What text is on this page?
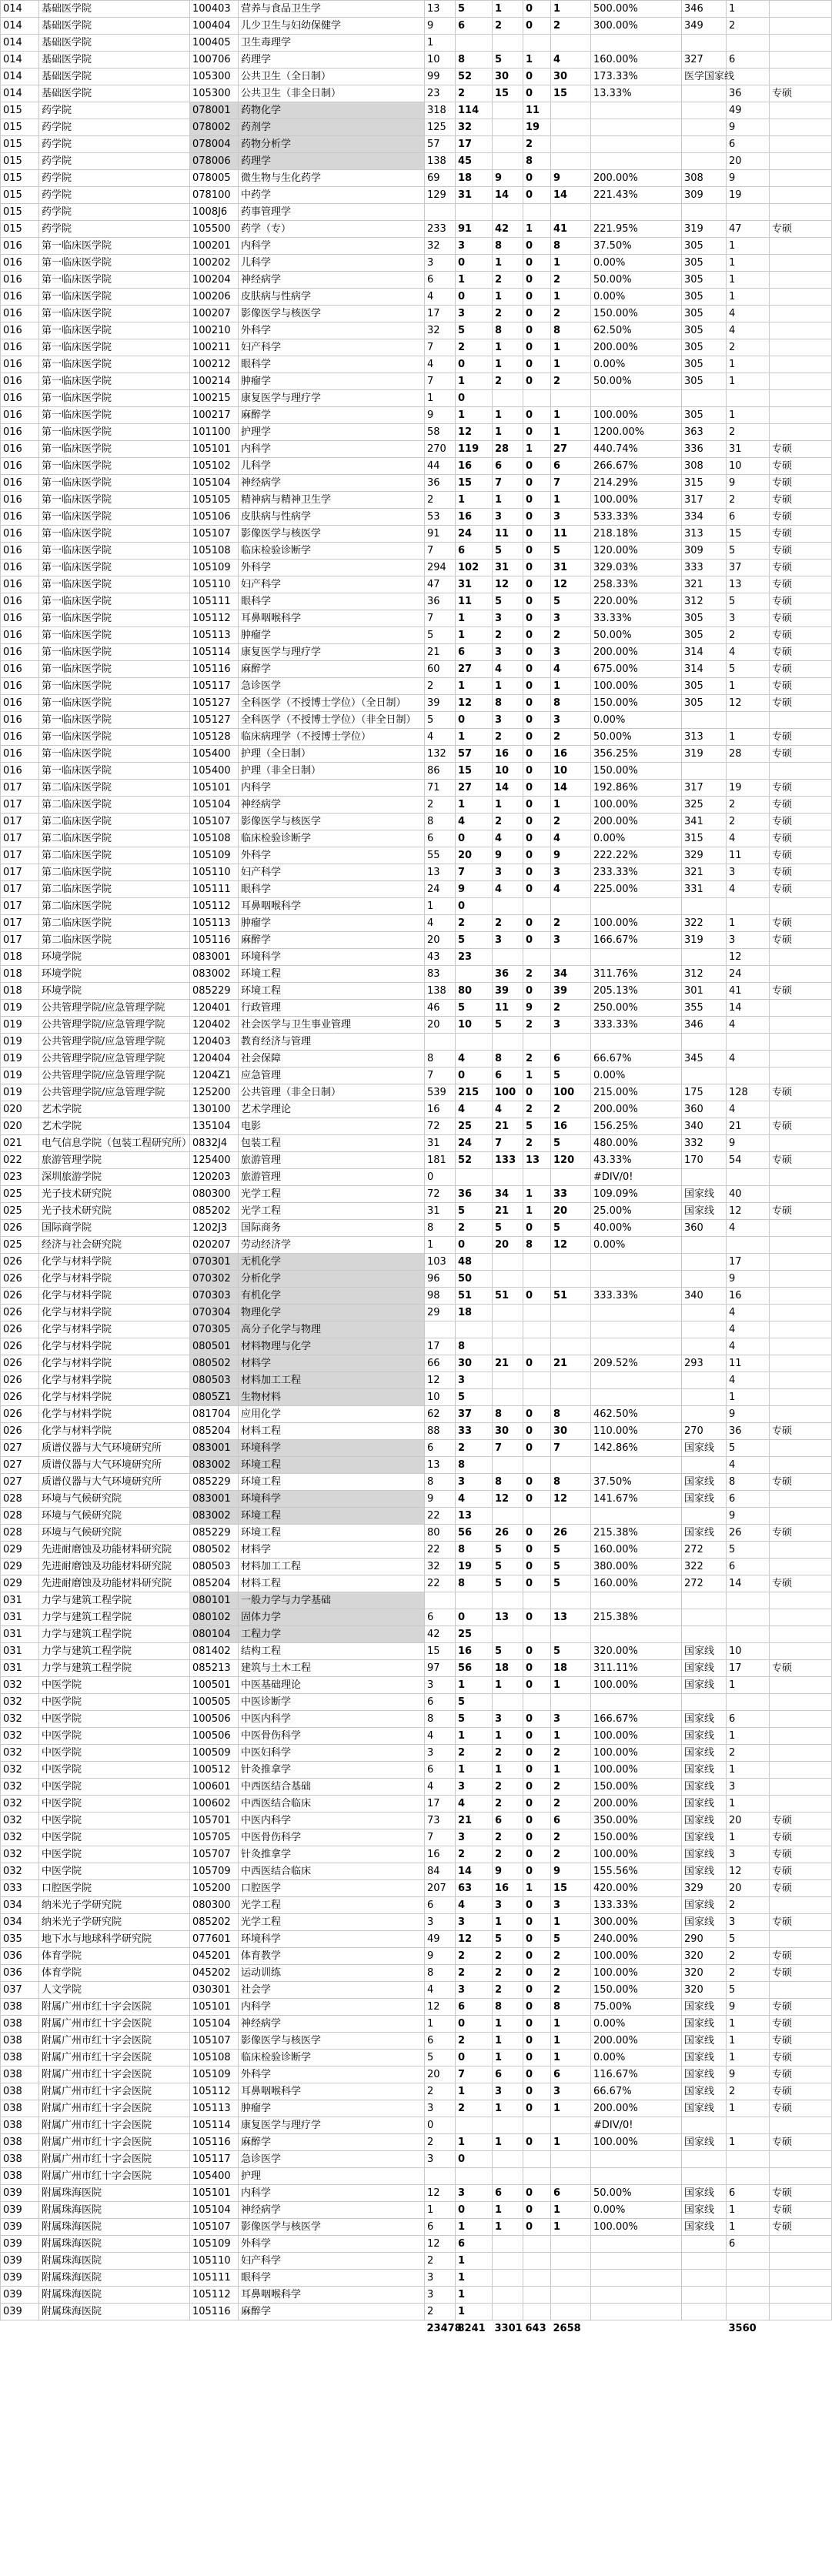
014	基础医学院	100403	营养与食品卫生学	13	5	1	0	1	500.00%	346	1	
014	基础医学院	100404	儿少卫生与妇幼保健学	9	6	2	0	2	300.00%	349	2	
014	基础医学院	100405	卫生毒理学	1								
014	基础医学院	100706	药理学	10	8	5	1	4	160.00%	327	6	
014	基础医学院	105300	公共卫生（全日制）	99	52	30	0	30	173.33%	医学国家线		
014	基础医学院	105300	公共卫生（非全日制）	23	2	15	0	15	13.33%		36	专硕
015	药学院	078001	药物化学	318	114		11				49	
015	药学院	078002	药剂学	125	32		19				9	
015	药学院	078004	药物分析学	57	17		2				6	
015	药学院	078006	药理学	138	45		8				20	
015	药学院	078005	微生物与生化药学	69	18	9	0	9	200.00%	308	9	
015	药学院	078100	中药学	129	31	14	0	14	221.43%	309	19	
015	药学院	1008J6	药事管理学									
015	药学院	105500	药学（专）	233	91	42	1	41	221.95%	319	47	专硕
016	第一临床医学院	100201	内科学	32	3	8	0	8	37.50%	305	1	
016	第一临床医学院	100202	儿科学	3	0	1	0	1	0.00%	305	1	
016	第一临床医学院	100204	神经病学	6	1	2	0	2	50.00%	305	1	
016	第一临床医学院	100206	皮肤病与性病学	4	0	1	0	1	0.00%	305	1	
016	第一临床医学院	100207	影像医学与核医学	17	3	2	0	2	150.00%	305	4	
016	第一临床医学院	100210	外科学	32	5	8	0	8	62.50%	305	4	
016	第一临床医学院	100211	妇产科学	7	2	1	0	1	200.00%	305	2	
016	第一临床医学院	100212	眼科学	4	0	1	0	1	0.00%	305	1	
016	第一临床医学院	100214	肿瘤学	7	1	2	0	2	50.00%	305	1	
016	第一临床医学院	100215	康复医学与理疗学	1	0							
016	第一临床医学院	100217	麻醉学	9	1	1	0	1	100.00%	305	1	
016	第一临床医学院	101100	护理学	58	12	1	0	1	1200.00%	363	2	
016	第一临床医学院	105101	内科学	270	119	28	1	27	440.74%	336	31	专硕
016	第一临床医学院	105102	儿科学	44	16	6	0	6	266.67%	308	10	专硕
016	第一临床医学院	105104	神经病学	36	15	7	0	7	214.29%	315	9	专硕
016	第一临床医学院	105105	精神病与精神卫生学	2	1	1	0	1	100.00%	317	2	专硕
016	第一临床医学院	105106	皮肤病与性病学	53	16	3	0	3	533.33%	334	6	专硕
016	第一临床医学院	105107	影像医学与核医学	91	24	11	0	11	218.18%	313	15	专硕
016	第一临床医学院	105108	临床检验诊断学	7	6	5	0	5	120.00%	309	5	专硕
016	第一临床医学院	105109	外科学	294	102	31	0	31	329.03%	333	37	专硕
016	第一临床医学院	105110	妇产科学	47	31	12	0	12	258.33%	321	13	专硕
016	第一临床医学院	105111	眼科学	36	11	5	0	5	220.00%	312	5	专硕
016	第一临床医学院	105112	耳鼻咽喉科学	7	1	3	0	3	33.33%	305	3	专硕
016	第一临床医学院	105113	肿瘤学	5	1	2	0	2	50.00%	305	2	专硕
016	第一临床医学院	105114	康复医学与理疗学	21	6	3	0	3	200.00%	314	4	专硕
016	第一临床医学院	105116	麻醉学	60	27	4	0	4	675.00%	314	5	专硕
016	第一临床医学院	105117	急诊医学	2	1	1	0	1	100.00%	305	1	专硕
016	第一临床医学院	105127	全科医学（不授博士学位）（全日制）	39	12	8	0	8	150.00%	305	12	专硕
016	第一临床医学院	105127	全科医学（不授博士学位）（非全日制）	5	0	3	0	3	0.00%			
016	第一临床医学院	105128	临床病理学（不授博士学位）	4	1	2	0	2	50.00%	313	1	专硕
016	第一临床医学院	105400	护理（全日制）	132	57	16	0	16	356.25%	319	28	专硕
016	第一临床医学院	105400	护理（非全日制）	86	15	10	0	10	150.00%			
017	第二临床医学院	105101	内科学	71	27	14	0	14	192.86%	317	19	专硕
017	第二临床医学院	105104	神经病学	2	1	1	0	1	100.00%	325	2	专硕
017	第二临床医学院	105107	影像医学与核医学	8	4	2	0	2	200.00%	341	2	专硕
017	第二临床医学院	105108	临床检验诊断学	6	0	4	0	4	0.00%	315	4	专硕
017	第二临床医学院	105109	外科学	55	20	9	0	9	222.22%	329	11	专硕
017	第二临床医学院	105110	妇产科学	13	7	3	0	3	233.33%	321	3	专硕
017	第二临床医学院	105111	眼科学	24	9	4	0	4	225.00%	331	4	专硕
017	第二临床医学院	105112	耳鼻咽喉科学	1	0							
017	第二临床医学院	105113	肿瘤学	4	2	2	0	2	100.00%	322	1	专硕
017	第二临床医学院	105116	麻醉学	20	5	3	0	3	166.67%	319	3	专硕
018	环境学院	083001	环境科学	43	23						12	
018	环境学院	083002	环境工程	83		36	2	34	311.76%	312	24	
018	环境学院	085229	环境工程	138	80	39	0	39	205.13%	301	41	专硕
019	公共管理学院/应急管理学院	120401	行政管理	46	5	11	9	2	250.00%	355	14	
019	公共管理学院/应急管理学院	120402	社会医学与卫生事业管理	20	10	5	2	3	333.33%	346	4	
019	公共管理学院/应急管理学院	120403	教育经济与管理									
019	公共管理学院/应急管理学院	120404	社会保障	8	4	8	2	6	66.67%	345	4	
019	公共管理学院/应急管理学院	1204Z1	应急管理	7	0	6	1	5	0.00%			
019	公共管理学院/应急管理学院	125200	公共管理（非全日制）	539	215	100	0	100	215.00%	175	128	专硕
020	艺术学院	130100	艺术学理论	16	4	4	2	2	200.00%	360	4	
020	艺术学院	135104	电影	72	25	21	5	16	156.25%	340	21	专硕
021	电气信息学院（包装工程研究所）	0832J4	包装工程	31	24	7	2	5	480.00%	332	9	
022	旅游管理学院	125400	旅游管理	181	52	133	13	120	43.33%	170	54	专硕
023	深圳旅游学院	120203	旅游管理	0					#DIV/0!			
025	光子技术研究院	080300	光学工程	72	36	34	1	33	109.09%	国家线	40	
025	光子技术研究院	085202	光学工程	31	5	21	1	20	25.00%	国家线	12	专硕
026	国际商学院	1202J3	国际商务	8	2	5	0	5	40.00%	360	4	
025	经济与社会研究院	020207	劳动经济学	1	0	20	8	12	0.00%			
026	化学与材料学院	070301	无机化学	103	48						17	
026	化学与材料学院	070302	分析化学	96	50						9	
026	化学与材料学院	070303	有机化学	98	51	51	0	51	333.33%	340	16	
026	化学与材料学院	070304	物理化学	29	18						4	
026	化学与材料学院	070305	高分子化学与物理								4	
026	化学与材料学院	080501	材料物理与化学	17	8						4	
026	化学与材料学院	080502	材料学	66	30	21	0	21	209.52%	293	11	
026	化学与材料学院	080503	材料加工工程	12	3						4	
026	化学与材料学院	0805Z1	生物材料	10	5						1	
026	化学与材料学院	081704	应用化学	62	37	8	0	8	462.50%		9	
026	化学与材料学院	085204	材料工程	88	33	30	0	30	110.00%	270	36	专硕
027	质谱仪器与大气环境研究所	083001	环境科学	6	2	7	0	7	142.86%	国家线	5	
027	质谱仪器与大气环境研究所	083002	环境工程	13	8						4	
027	质谱仪器与大气环境研究所	085229	环境工程	8	3	8	0	8	37.50%	国家线	8	专硕
028	环境与气候研究院	083001	环境科学	9	4	12	0	12	141.67%	国家线	6	
028	环境与气候研究院	083002	环境工程	22	13						9	
028	环境与气候研究院	085229	环境工程	80	56	26	0	26	215.38%	国家线	26	专硕
029	先进耐磨蚀及功能材料研究院	080502	材料学	22	8	5	0	5	160.00%	272	5	
029	先进耐磨蚀及功能材料研究院	080503	材料加工工程	32	19	5	0	5	380.00%	322	6	
029	先进耐磨蚀及功能材料研究院	085204	材料工程	22	8	5	0	5	160.00%	272	14	专硕
031	力学与建筑工程学院	080101	一般力学与力学基础									
031	力学与建筑工程学院	080102	固体力学	6	0	13	0	13	215.38%			
031	力学与建筑工程学院	080104	工程力学	42	25							
031	力学与建筑工程学院	081402	结构工程	15	16	5	0	5	320.00%	国家线	10	
031	力学与建筑工程学院	085213	建筑与土木工程	97	56	18	0	18	311.11%	国家线	17	专硕
032	中医学院	100501	中医基础理论	3	1	1	0	1	100.00%	国家线	1	
032	中医学院	100505	中医诊断学	6	5							
032	中医学院	100506	中医内科学	8	5	3	0	3	166.67%	国家线	6	
032	中医学院	100506	中医骨伤科学	4	1	1	0	1	100.00%	国家线	1	
032	中医学院	100509	中医妇科学	3	2	2	0	2	100.00%	国家线	2	
032	中医学院	100512	针灸推拿学	6	1	1	0	1	100.00%	国家线	1	
032	中医学院	100601	中西医结合基础	4	3	2	0	2	150.00%	国家线	3	
032	中医学院	100602	中西医结合临床	17	4	2	0	2	200.00%	国家线	1	
032	中医学院	105701	中医内科学	73	21	6	0	6	350.00%	国家线	20	专硕
032	中医学院	105705	中医骨伤科学	7	3	2	0	2	150.00%	国家线	1	专硕
032	中医学院	105707	针灸推拿学	16	2	2	0	2	100.00%	国家线	3	专硕
032	中医学院	105709	中西医结合临床	84	14	9	0	9	155.56%	国家线	12	专硕
033	口腔医学院	105200	口腔医学	207	63	16	1	15	420.00%	329	20	专硕
034	纳米光子学研究院	080300	光学工程	6	4	3	0	3	133.33%	国家线	2	
034	纳米光子学研究院	085202	光学工程	3	3	1	0	1	300.00%	国家线	3	专硕
035	地下水与地球科学研究院	077601	环境科学	49	12	5	0	5	240.00%	290	5	
036	体育学院	045201	体育教学	9	2	2	0	2	100.00%	320	2	专硕
036	体育学院	045202	运动训练	8	2	2	0	2	100.00%	320	2	专硕
037	人文学院	030301	社会学	4	3	2	0	2	150.00%	320	5	
038	附属广州市红十字会医院	105101	内科学	12	6	8	0	8	75.00%	国家线	9	专硕
038	附属广州市红十字会医院	105104	神经病学	1	0	1	0	1	0.00%	国家线	1	专硕
038	附属广州市红十字会医院	105107	影像医学与核医学	6	2	1	0	1	200.00%	国家线	1	专硕
038	附属广州市红十字会医院	105108	临床检验诊断学	5	0	1	0	1	0.00%	国家线	1	专硕
038	附属广州市红十字会医院	105109	外科学	20	7	6	0	6	116.67%	国家线	9	专硕
038	附属广州市红十字会医院	105112	耳鼻咽喉科学	2	1	3	0	3	66.67%	国家线	2	专硕
038	附属广州市红十字会医院	105113	肿瘤学	3	2	1	0	1	200.00%	国家线	1	专硕
038	附属广州市红十字会医院	105114	康复医学与理疗学	0					#DIV/0!			
038	附属广州市红十字会医院	105116	麻醉学	2	1	1	0	1	100.00%	国家线	1	专硕
038	附属广州市红十字会医院	105117	急诊医学	3	0							
038	附属广州市红十字会医院	105400	护理									
039	附属珠海医院	105101	内科学	12	3	6	0	6	50.00%	国家线	6	专硕
039	附属珠海医院	105104	神经病学	1	0	1	0	1	0.00%	国家线	1	专硕
039	附属珠海医院	105107	影像医学与核医学	6	1	1	0	1	100.00%	国家线	1	专硕
039	附属珠海医院	105109	外科学	12	6						6	
039	附属珠海医院	105110	妇产科学	2	1							
039	附属珠海医院	105111	眼科学	3	1							
039	附属珠海医院	105112	耳鼻咽喉科学	3	1							
039	附属珠海医院	105116	麻醉学	2	1							
				23478	8241	3301	643	2658			3560	
